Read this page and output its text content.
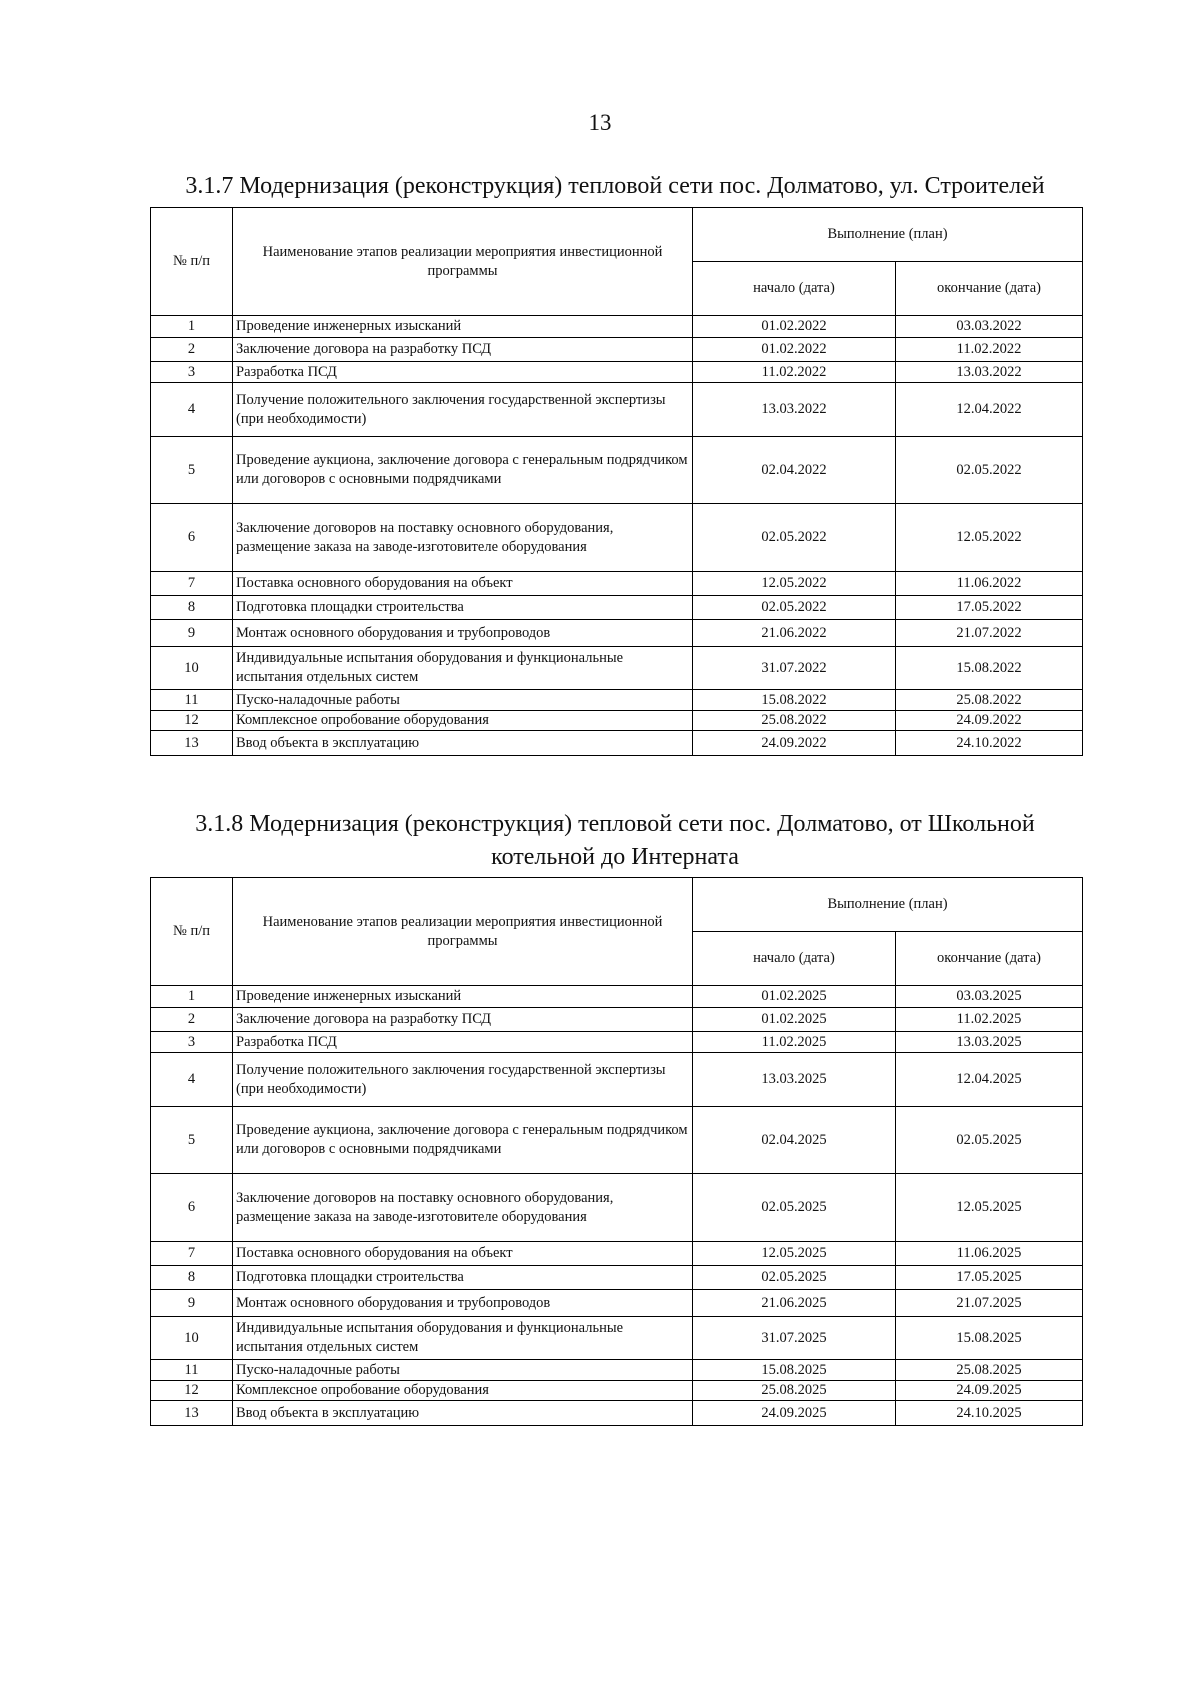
13
3.1.7 Модернизация (реконструкция) тепловой сети пос. Долматово, ул. Строителей
№ п/п	Наименование этапов реализации мероприятия инвестиционной программы	Выполнение (план)	
		начало (дата)	окончание (дата)
1	Проведение инженерных изысканий	01.02.2022	03.03.2022
2	Заключение договора на разработку ПСД	01.02.2022	11.02.2022
3	Разработка ПСД	11.02.2022	13.03.2022
4	Получение положительного заключения государственной экспертизы (при необходимости)	13.03.2022	12.04.2022
5	Проведение аукциона, заключение договора с генеральным подрядчиком или договоров с основными подрядчиками	02.04.2022	02.05.2022
6	Заключение договоров на поставку основного оборудования, размещение заказа на заводе-изготовителе оборудования	02.05.2022	12.05.2022
7	Поставка основного оборудования на объект	12.05.2022	11.06.2022
8	Подготовка площадки строительства	02.05.2022	17.05.2022
9	Монтаж основного оборудования и трубопроводов	21.06.2022	21.07.2022
10	Индивидуальные испытания оборудования и функциональные испытания отдельных систем	31.07.2022	15.08.2022
11	Пуско-наладочные работы	15.08.2022	25.08.2022
12	Комплексное опробование оборудования	25.08.2022	24.09.2022
13	Ввод объекта в эксплуатацию	24.09.2022	24.10.2022
3.1.8 Модернизация (реконструкция) тепловой сети пос. Долматово, от Школьной котельной до Интерната
№ п/п	Наименование этапов реализации мероприятия инвестиционной программы	Выполнение (план)	
		начало (дата)	окончание (дата)
1	Проведение инженерных изысканий	01.02.2025	03.03.2025
2	Заключение договора на разработку ПСД	01.02.2025	11.02.2025
3	Разработка ПСД	11.02.2025	13.03.2025
4	Получение положительного заключения государственной экспертизы (при необходимости)	13.03.2025	12.04.2025
5	Проведение аукциона, заключение договора с генеральным подрядчиком или договоров с основными подрядчиками	02.04.2025	02.05.2025
6	Заключение договоров на поставку основного оборудования, размещение заказа на заводе-изготовителе оборудования	02.05.2025	12.05.2025
7	Поставка основного оборудования на объект	12.05.2025	11.06.2025
8	Подготовка площадки строительства	02.05.2025	17.05.2025
9	Монтаж основного оборудования и трубопроводов	21.06.2025	21.07.2025
10	Индивидуальные испытания оборудования и функциональные испытания отдельных систем	31.07.2025	15.08.2025
11	Пуско-наладочные работы	15.08.2025	25.08.2025
12	Комплексное опробование оборудования	25.08.2025	24.09.2025
13	Ввод объекта в эксплуатацию	24.09.2025	24.10.2025
